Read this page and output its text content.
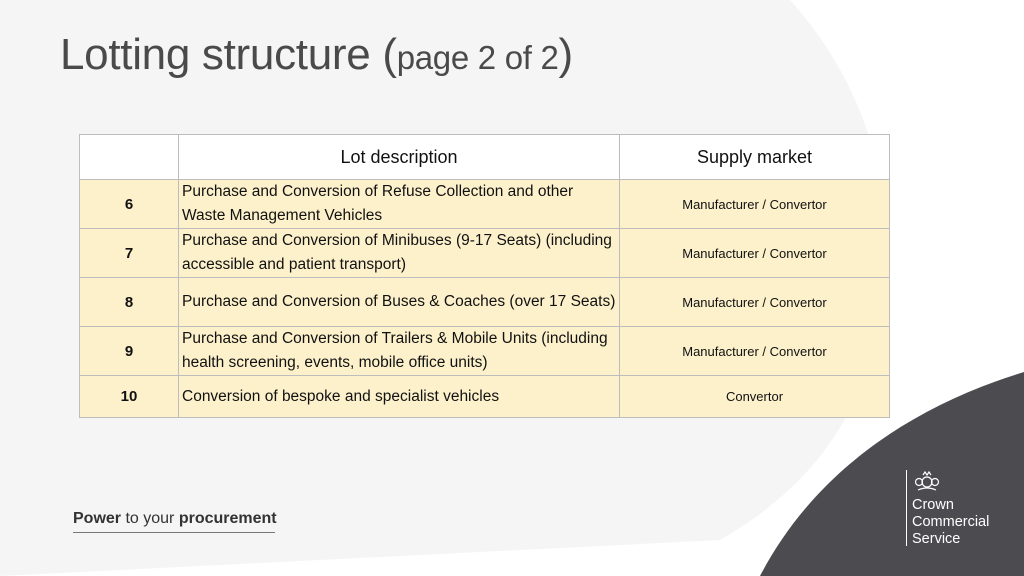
Lotting structure (page 2 of 2)
	Lot description	Supply market
6	Purchase and Conversion of Refuse Collection and other Waste Management Vehicles	Manufacturer / Convertor
7	Purchase and Conversion of Minibuses (9-17 Seats) (including accessible and patient transport)	Manufacturer / Convertor
8	Purchase and Conversion of Buses & Coaches (over 17 Seats)	Manufacturer / Convertor
9	Purchase and Conversion of Trailers & Mobile Units (including health screening, events, mobile office units)	Manufacturer / Convertor
10	Conversion of bespoke and specialist vehicles	Convertor
Power to your procurement
Crown
Commercial
Service
